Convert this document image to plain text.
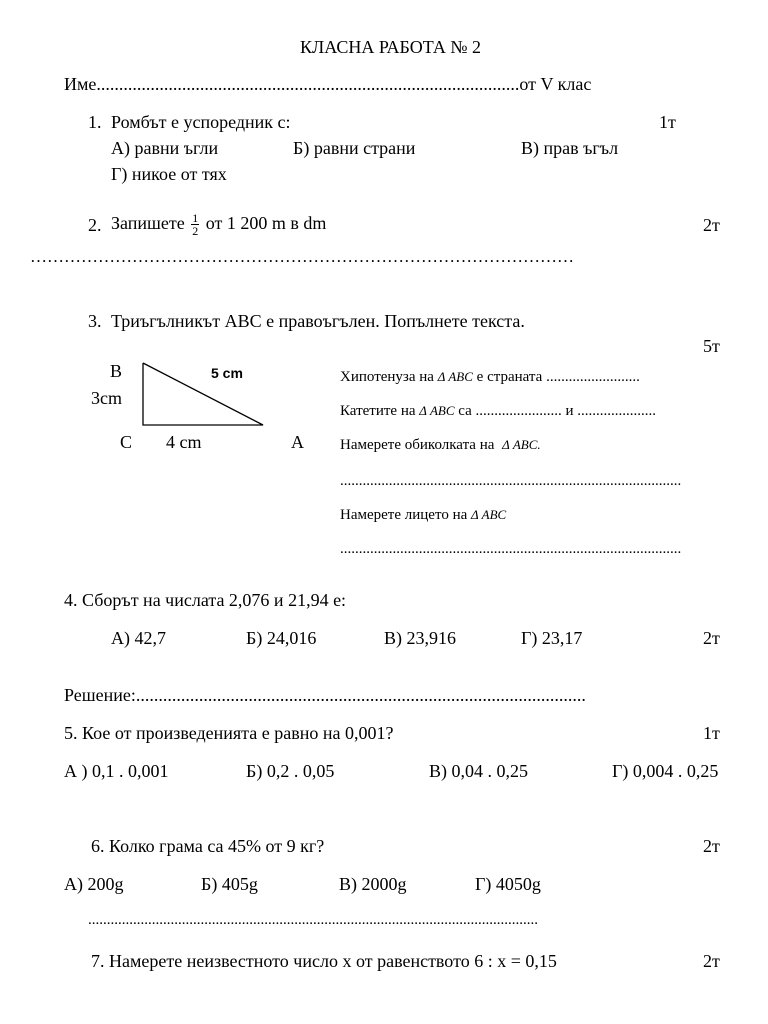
КЛАСНА РАБОТА № 2
Име..............................................................................................от V клас
1. Ромбът е успоредник с:	1т
А) равни ъгли	Б) равни страни	В) прав ъгъл
Г) никое от тях
2. Запишете $\frac{1}{2}$ от 1 200 m в dm	2т
……………………………………………………………………………………
3. Триъгълникът АВС е правоъгълен. Попълнете текста.
5т
B
3cm
5 cm
C 4 cm	A
Хипотенуза на Δ ABC е страната .........................
Катетите на Δ ABC са ....................... и .....................
Намерете обиколката на Δ ABC.
...........................................................................................
Намерете лицето на Δ ABC
...........................................................................................
4. Сборът на числата 2,076 и 21,94 е:
А) 42,7	Б) 24,016	В) 23,916	Г) 23,17	2т
Решение:....................................................................................................
5. Кое от произведенията е равно на 0,001?	1т
А ) 0,1 . 0,001	Б) 0,2 . 0,05	В) 0,04 . 0,25	Г) 0,004 . 0,25
6. Колко грама са 45% от 9 кг?	2т
А) 200g	Б) 405g	В) 2000g	Г) 4050g
........................................................................................................................
7. Намерете неизвестното число х от равенството 6 : х = 0,15	2т
